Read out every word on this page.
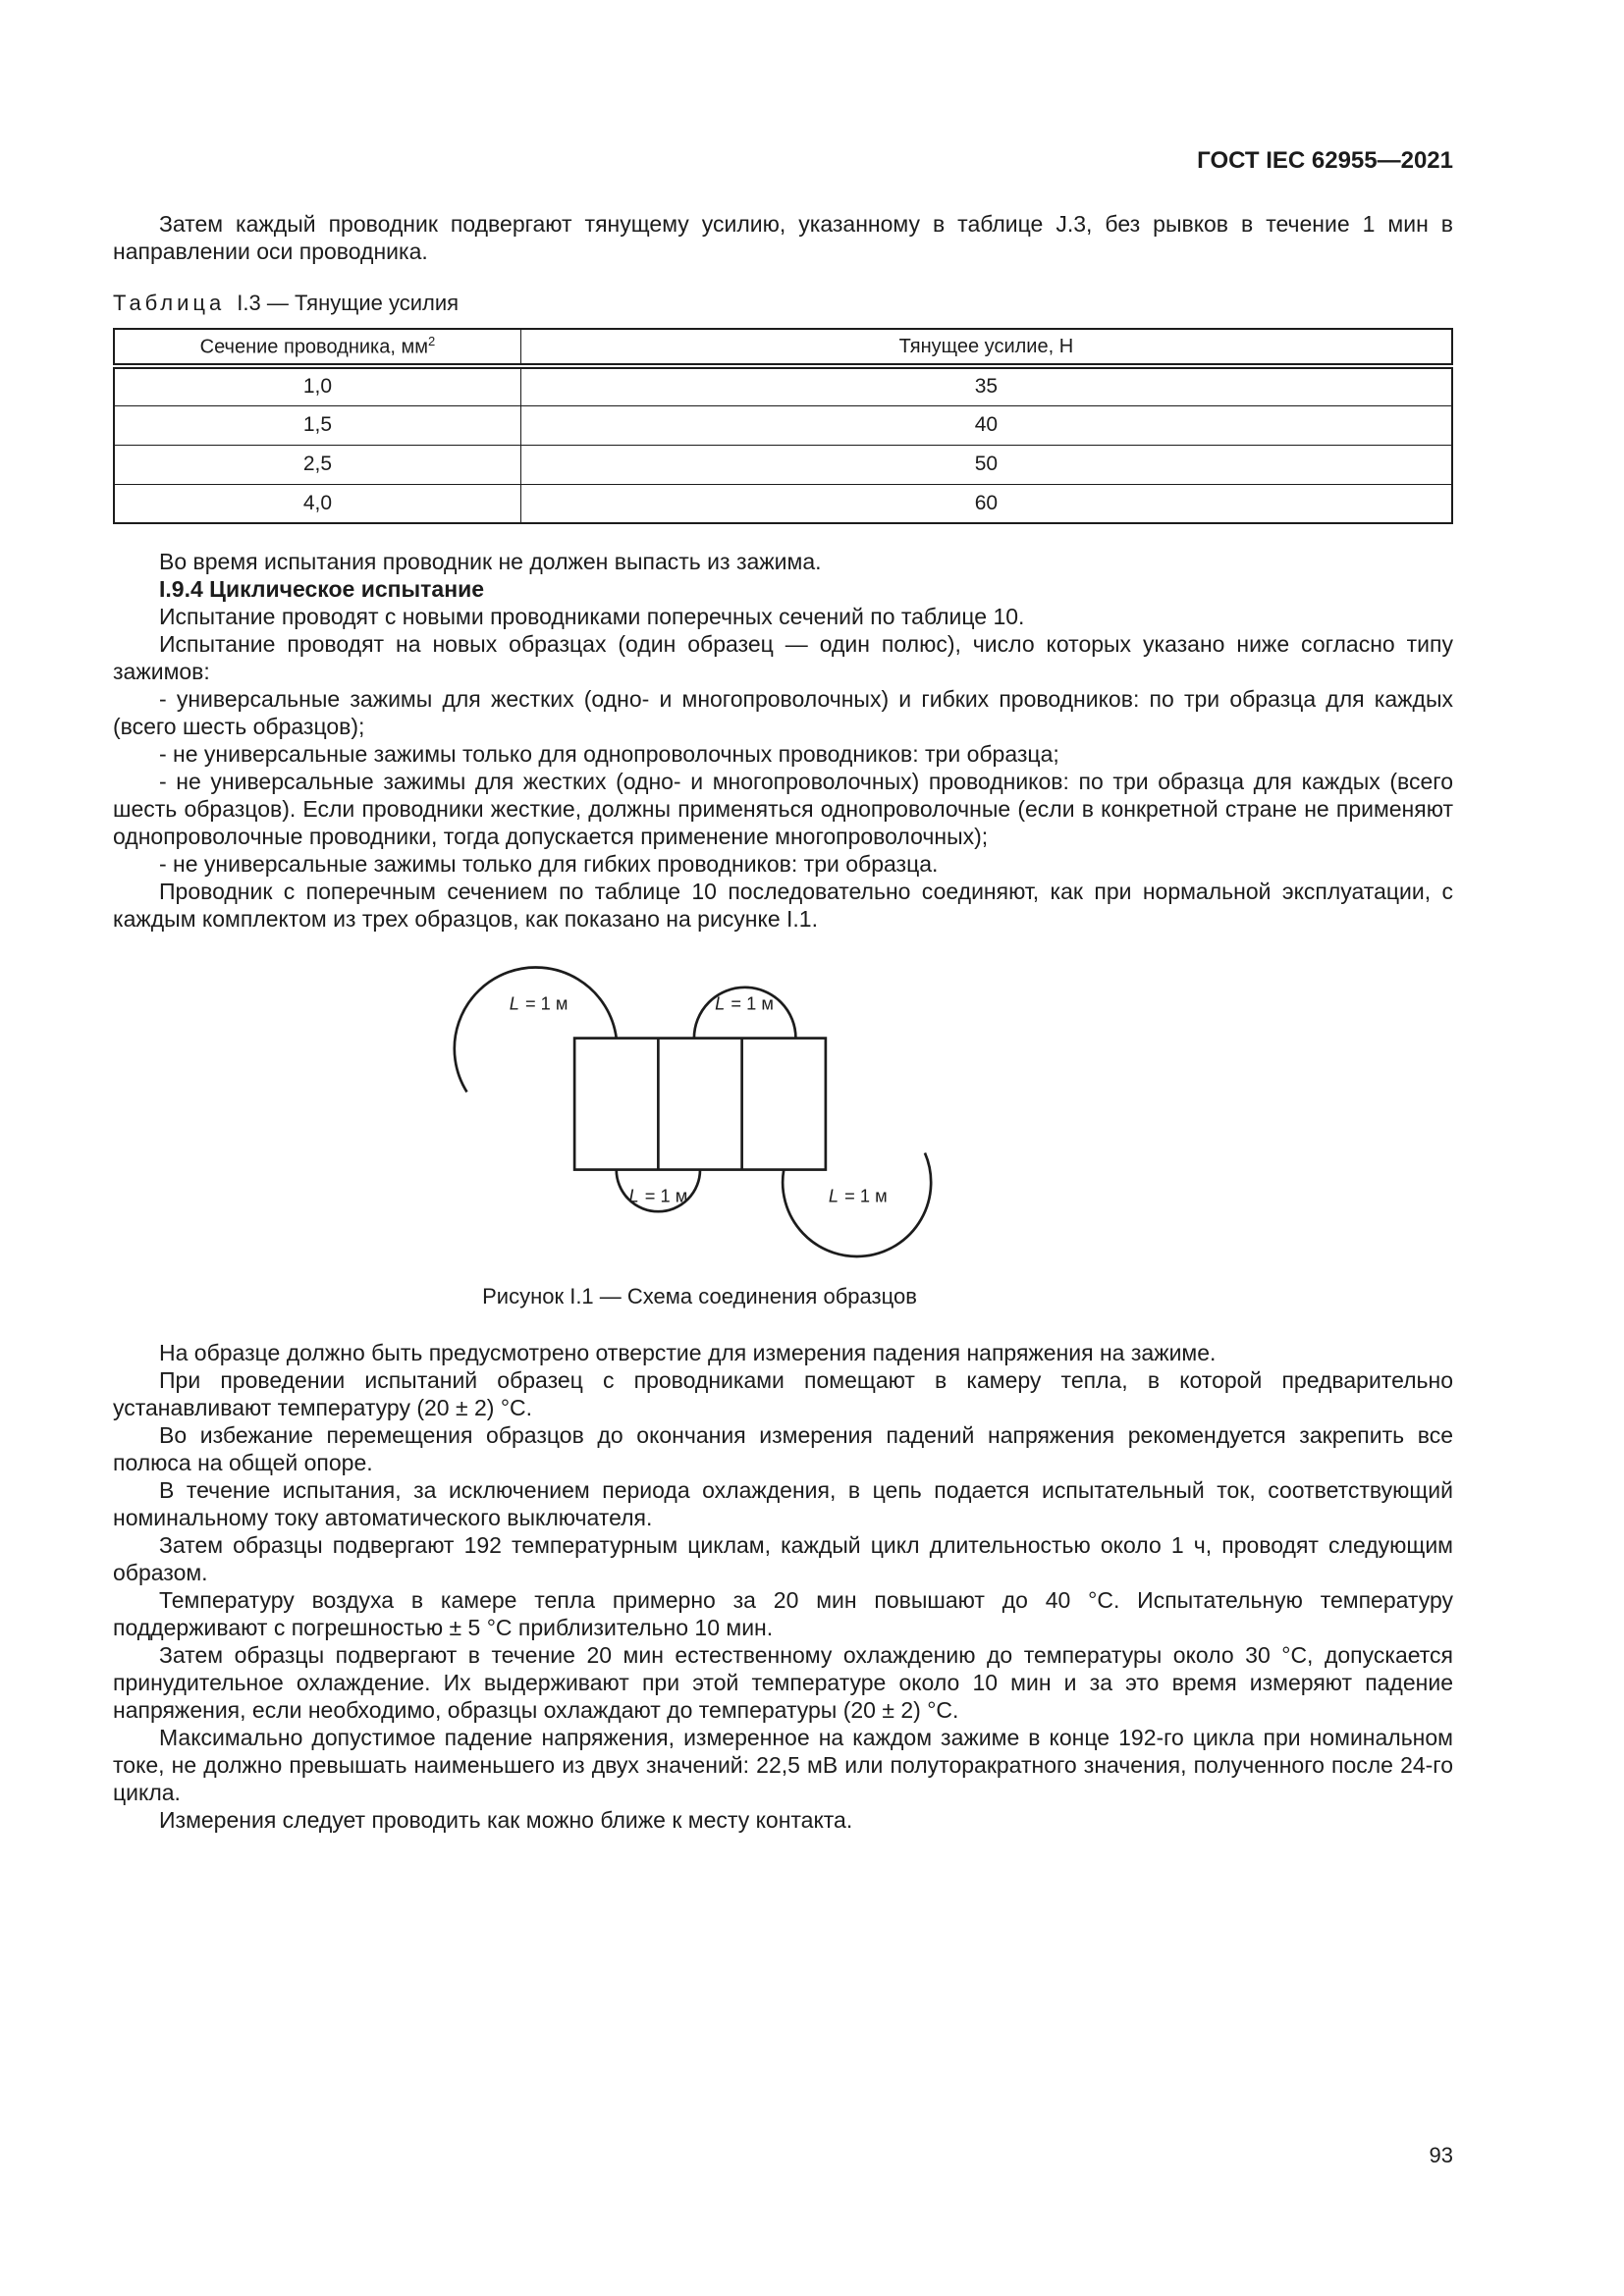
ГОСТ IEC 62955—2021

Затем каждый проводник подвергают тянущему усилию, указанному в таблице J.3, без рывков в течение 1 мин в направлении оси проводника.

Таблица I.3 — Тянущие усилия

Сечение проводника, $мм^2$	Тянущее усилие, Н
1,0	35
1,5	40
2,5	50
4,0	60

Во время испытания проводник не должен выпасть из зажима.

I.9.4 Циклическое испытание

Испытание проводят с новыми проводниками поперечных сечений по таблице 10.

Испытание проводят на новых образцах (один образец — один полюс), число которых указано ниже согласно типу зажимов:

- универсальные зажимы для жестких (одно- и многопроволочных) и гибких проводников: по три образца для каждых (всего шесть образцов);

- не универсальные зажимы только для однопроволочных проводников: три образца;

- не универсальные зажимы для жестких (одно- и многопроволочных) проводников: по три образца для каждых (всего шесть образцов). Если проводники жесткие, должны применяться однопроволочные (если в конкретной стране не применяют однопроволочные проводники, тогда допускается применение многопроволочных);

- не универсальные зажимы только для гибких проводников: три образца.

Проводник с поперечным сечением по таблице 10 последовательно соединяют, как при нормальной эксплуатации, с каждым комплектом из трех образцов, как показано на рисунке I.1.

L = 1 м	L = 1 м
L = 1 м	L = 1 м
Рисунок I.1 — Схема соединения образцов

На образце должно быть предусмотрено отверстие для измерения падения напряжения на зажиме.

При проведении испытаний образец с проводниками помещают в камеру тепла, в которой предварительно устанавливают температуру (20 ± 2) °С.

Во избежание перемещения образцов до окончания измерения падений напряжения рекомендуется закрепить все полюса на общей опоре.

В течение испытания, за исключением периода охлаждения, в цепь подается испытательный ток, соответствующий номинальному току автоматического выключателя.

Затем образцы подвергают 192 температурным циклам, каждый цикл длительностью около 1 ч, проводят следующим образом.

Температуру воздуха в камере тепла примерно за 20 мин повышают до 40 °С. Испытательную температуру поддерживают с погрешностью ± 5 °С приблизительно 10 мин.

Затем образцы подвергают в течение 20 мин естественному охлаждению до температуры около 30 °С, допускается принудительное охлаждение. Их выдерживают при этой температуре около 10 мин и за это время измеряют падение напряжения, если необходимо, образцы охлаждают до температуры (20 ± 2) °С.

Максимально допустимое падение напряжения, измеренное на каждом зажиме в конце 192-го цикла при номинальном токе, не должно превышать наименьшего из двух значений: 22,5 мВ или полуторакратного значения, полученного после 24-го цикла.

Измерения следует проводить как можно ближе к месту контакта.

93
